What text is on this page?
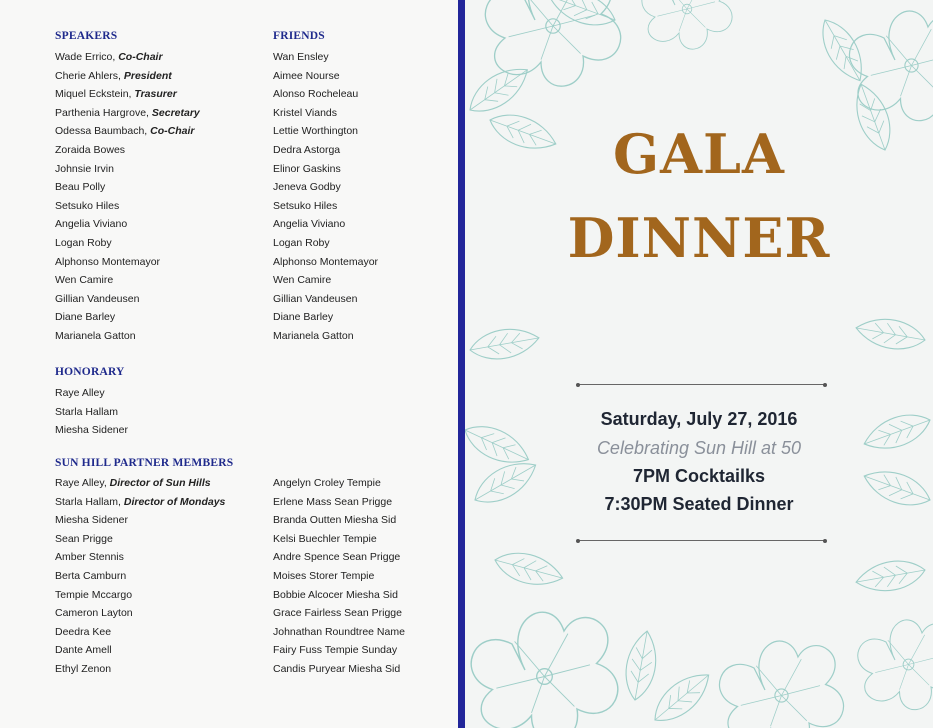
SPEAKERS
Wade Errico, Co-Chair
Cherie Ahlers, President
Miquel Eckstein, Trasurer
Parthenia Hargrove, Secretary
Odessa Baumbach, Co-Chair
Zoraida Bowes
Johnsie Irvin
Beau Polly
Setsuko Hiles
Angelia Viviano
Logan Roby
Alphonso Montemayor
Wen Camire
Gillian Vandeusen
Diane Barley
Marianela Gatton
FRIENDS
Wan Ensley
Aimee Nourse
Alonso Rocheleau
Kristel Viands
Lettie Worthington
Dedra Astorga
Elinor Gaskins
Jeneva Godby
Setsuko Hiles
Angelia Viviano
Logan Roby
Alphonso Montemayor
Wen Camire
Gillian Vandeusen
Diane Barley
Marianela Gatton
HONORARY
Raye Alley
Starla Hallam
Miesha Sidener
SUN HILL PARTNER MEMBERS
Raye Alley, Director of Sun Hills
Starla Hallam, Director of Mondays
Miesha Sidener
Sean Prigge
Amber Stennis
Berta Camburn
Tempie Mccargo
Cameron Layton
Deedra Kee
Dante Amell
Ethyl Zenon
Angelyn Croley Tempie
Erlene Mass Sean Prigge
Branda Outten Miesha Sid
Kelsi Buechler Tempie
Andre Spence Sean Prigge
Moises Storer Tempie
Bobbie Alcocer Miesha Sid
Grace Fairless Sean Prigge
Johnathan Roundtree Name
Fairy Fuss Tempie Sunday
Candis Puryear Miesha Sid
GALA
DINNER
Saturday, July 27, 2016
Celebrating Sun Hill at 50
7PM Cocktailks
7:30PM Seated Dinner
